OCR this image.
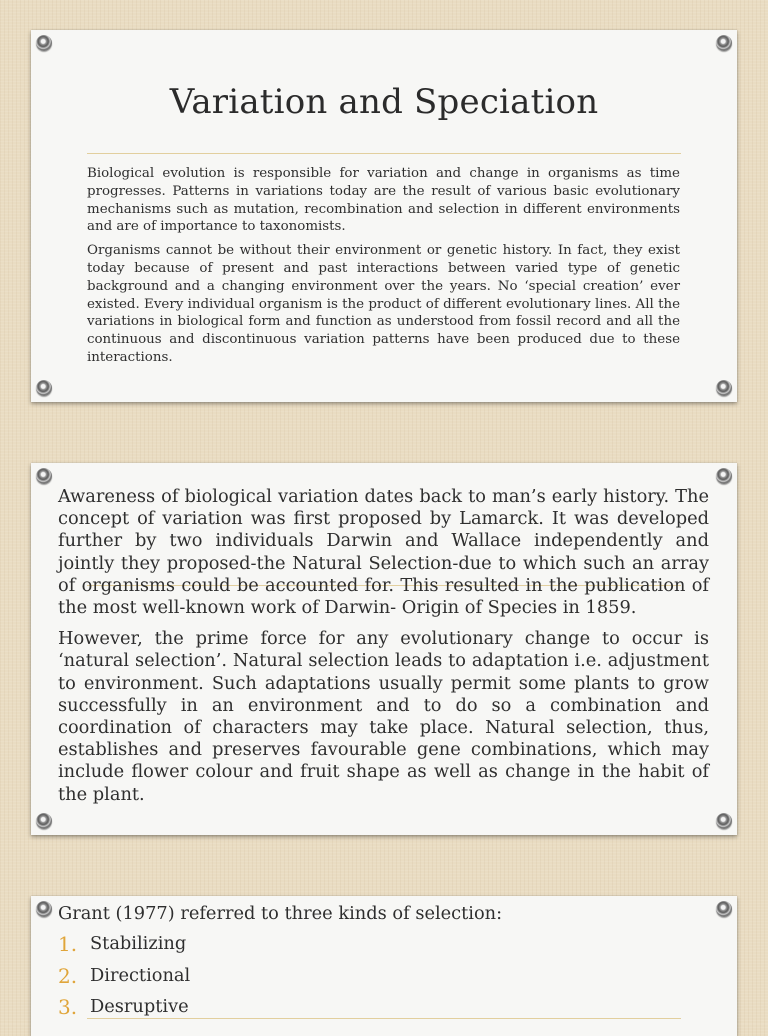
Variation and Speciation

Biological evolution is responsible for variation and change in organisms as time progresses. Patterns in variations today are the result of various basic evolutionary mechanisms such as mutation, recombination and selection in different environments and are of importance to taxonomists.

Organisms cannot be without their environment or genetic history. In fact, they exist today because of present and past interactions between varied type of genetic background and a changing environment over the years. No ‘special creation’ ever existed. Every individual organism is the product of different evolutionary lines. All the variations in biological form and function as understood from fossil record and all the continuous and discontinuous variation patterns have been produced due to these interactions.

Awareness of biological variation dates back to man’s early history. The concept of variation was first proposed by Lamarck. It was developed further by two individuals Darwin and Wallace independently and jointly they proposed-the Natural Selection-due to which such an array of organisms could be accounted for. This resulted in the publication of the most well-known work of Darwin- Origin of Species in 1859.

However, the prime force for any evolutionary change to occur is ‘natural selection’. Natural selection leads to adaptation i.e. adjustment to environment. Such adaptations usually permit some plants to grow successfully in an environment and to do so a combination and coordination of characters may take place. Natural selection, thus, establishes and preserves favourable gene combinations, which may include flower colour and fruit shape as well as change in the habit of the plant.

Grant (1977) referred to three kinds of selection:

1. Stabilizing
2. Directional
3. Desruptive
